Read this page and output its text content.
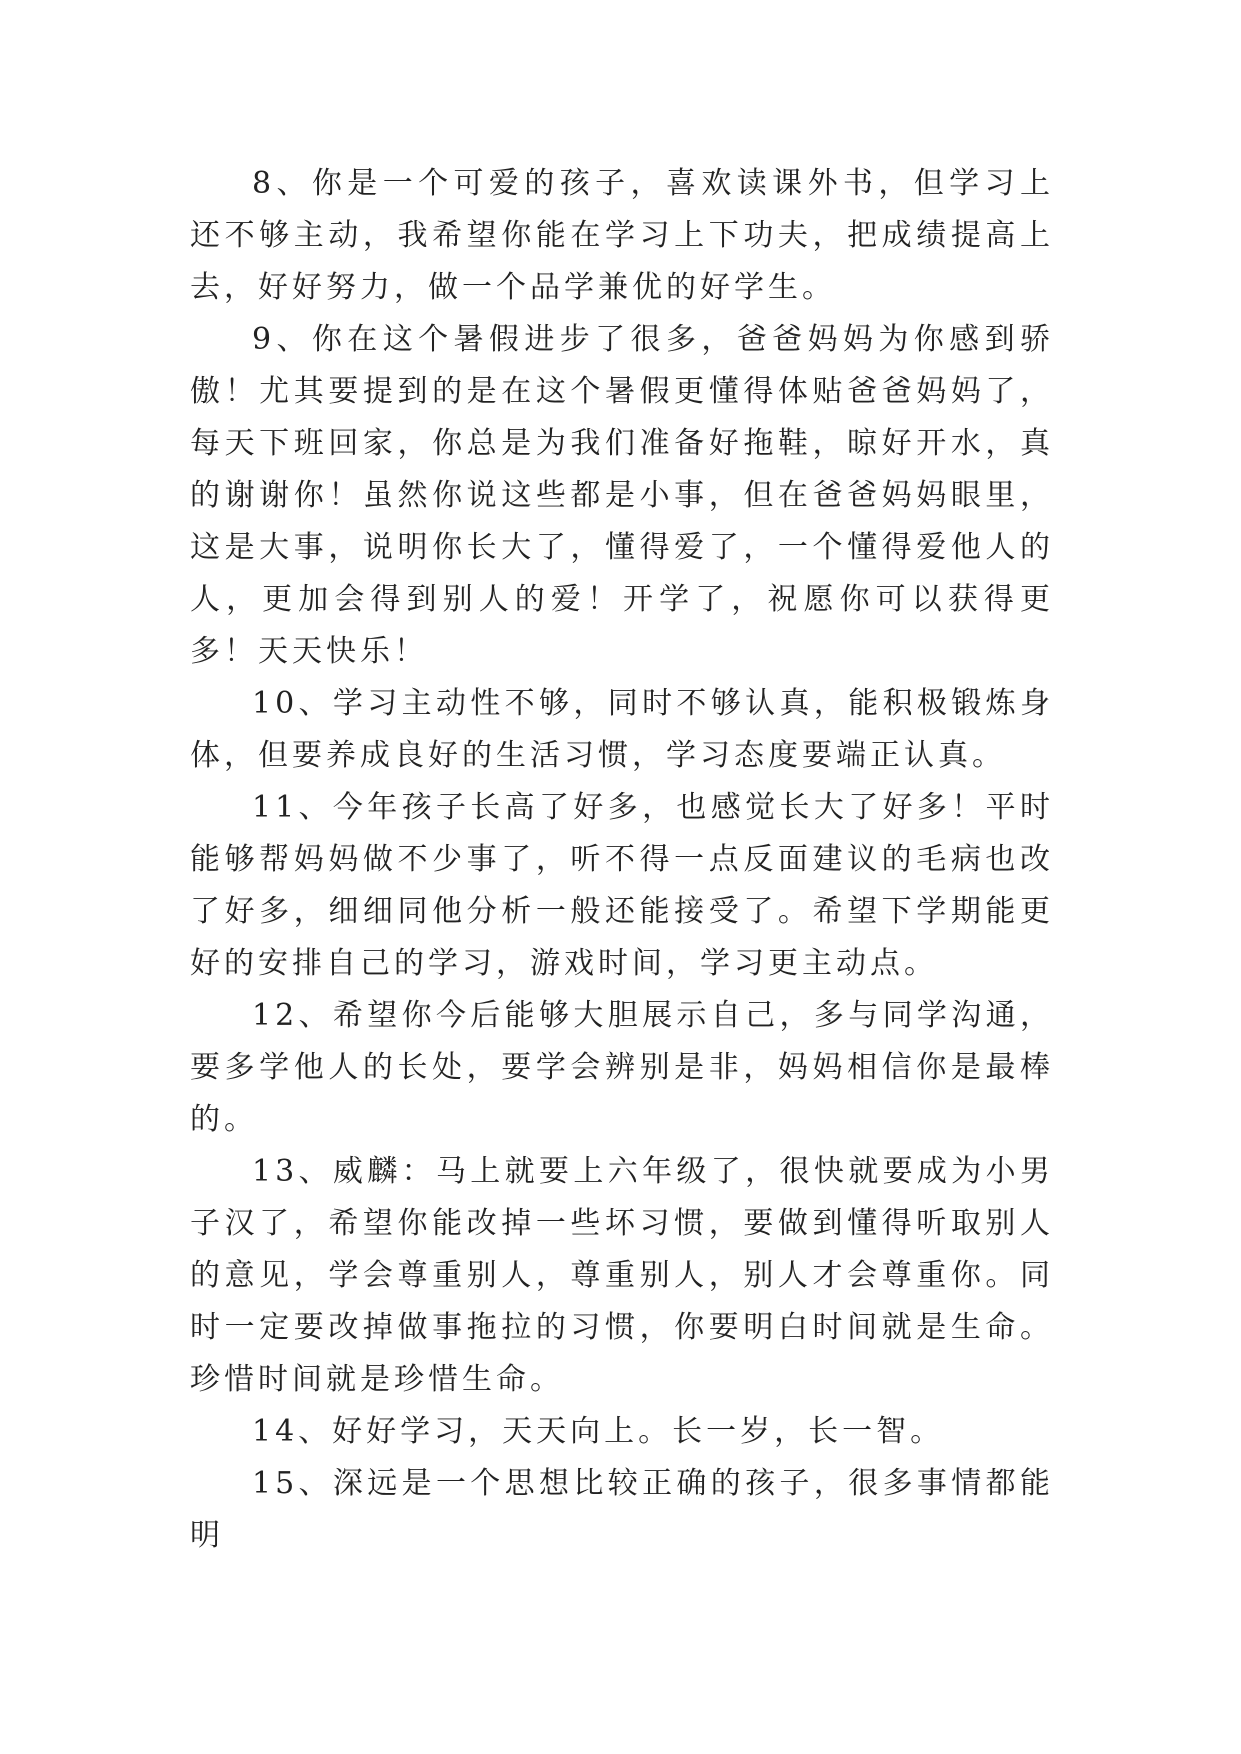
8、你是一个可爱的孩子，喜欢读课外书，但学习上还不够主动，我希望你能在学习上下功夫，把成绩提高上去，好好努力，做一个品学兼优的好学生。

9、你在这个暑假进步了很多，爸爸妈妈为你感到骄傲！尤其要提到的是在这个暑假更懂得体贴爸爸妈妈了，每天下班回家，你总是为我们准备好拖鞋，晾好开水，真的谢谢你！虽然你说这些都是小事，但在爸爸妈妈眼里，这是大事，说明你长大了，懂得爱了，一个懂得爱他人的人，更加会得到别人的爱！开学了，祝愿你可以获得更多！天天快乐！

10、学习主动性不够，同时不够认真，能积极锻炼身体，但要养成良好的生活习惯，学习态度要端正认真。

11、今年孩子长高了好多，也感觉长大了好多！平时能够帮妈妈做不少事了，听不得一点反面建议的毛病也改了好多，细细同他分析一般还能接受了。希望下学期能更好的安排自己的学习，游戏时间，学习更主动点。

12、希望你今后能够大胆展示自己，多与同学沟通，要多学他人的长处，要学会辨别是非，妈妈相信你是最棒的。

13、威麟：马上就要上六年级了，很快就要成为小男子汉了，希望你能改掉一些坏习惯，要做到懂得听取别人的意见，学会尊重别人，尊重别人，别人才会尊重你。同时一定要改掉做事拖拉的习惯，你要明白时间就是生命。珍惜时间就是珍惜生命。

14、好好学习，天天向上。长一岁，长一智。

15、深远是一个思想比较正确的孩子，很多事情都能明
